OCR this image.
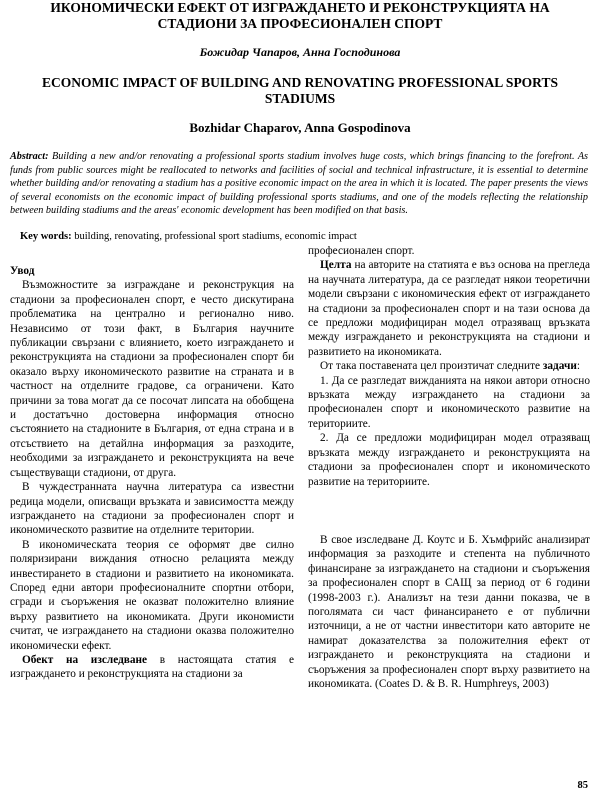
ИКОНОМИЧЕСКИ ЕФЕКТ ОТ ИЗГРАЖДАНЕТО И РЕКОНСТРУКЦИЯТА НА СТАДИОНИ ЗА ПРОФЕСИОНАЛЕН СПОРТ

Божидар Чапаров, Анна Господинова

ECONOMIC IMPACT OF BUILDING AND RENOVATING PROFESSIONAL SPORTS STADIUMS

Bozhidar Chaparov, Anna Gospodinova

Abstract: Building a new and/or renovating a professional sports stadium involves huge costs, which brings financing to the forefront. As funds from public sources might be reallocated to networks and facilities of social and technical infrastructure, it is essential to determine whether building and/or renovating a stadium has a positive economic impact on the area in which it is located. The paper presents the views of several economists on the economic impact of building professional sports stadiums, and one of the models reflecting the relationship between building stadiums and the areas' economic development has been modified on that basis.

Key words: building, renovating, professional sport stadiums, economic impact

Увод

Възможностите за изграждане и реконструкция на стадиони за професионален спорт, е често дискутирана проблематика на централно и регионално ниво. Независимо от този факт, в България научните публикации свързани с влиянието, което изграждането и реконструкцията на стадиони за професионален спорт би оказало върху икономическото развитие на страната и в частност на отделните градове, са ограничени. Като причини за това могат да се посочат липсата на обобщена и достатъчно достоверна информация относно състоянието на стадионите в България, от една страна и в отсъствието на детайлна информация за разходите, необходими за изграждането и реконструкцията на вече съществуващи стадиони, от друга.

В чуждестранната научна литература са известни редица модели, описващи връзката и зависимостта между изграждането на стадиони за професионален спорт и икономическото развитие на отделните територии.

В икономическата теория се оформят две силно поляризирани виждания относно релацията между инвестирането в стадиони и развитието на икономиката. Според едни автори професионалните спортни отбори, сгради и съоръжения не оказват положително влияние върху развитието на икономиката. Други икономисти считат, че изграждането на стадиони оказва положително икономически ефект.

Обект на изследване в настоящата статия е изграждането и реконструкцията на стадиони за

професионален спорт.

Целта на авторите на статията е въз основа на прегледа на научната литература, да се разгледат някои теоретични модели свързани с икономическия ефект от изграждането на стадиони за професионален спорт и на тази основа да се предложи модифициран модел отразяващ връзката между изграждането и реконструкцията на стадиони и развитието на икономиката.

От така поставената цел произтичат следните задачи:

1. Да се разгледат вижданията на някои автори относно връзката между изграждането на стадиони за професионален спорт и икономическото развитие на териториите.

2. Да се предложи модифициран модел отразяващ връзката между изграждането и реконструкцията на стадиони за професионален спорт и икономическото развитие на териториите.

В свое изследване Д. Коутс и Б. Хъмфрийс анализират информация за разходите и степента на публичното финансиране за изграждането на стадиони и съоръжения за професионален спорт в САЩ за период от 6 години (1998-2003 г.). Анализът на тези данни показва, че в поголямата си част финансирането е от публични източници, а не от частни инвеститори като авторите не намират доказателства за положителния ефект от изграждането и реконструкцията на стадиони и съоръжения за професионален спорт върху развитието на икономиката. (Coates D. & B. R. Humphreys, 2003)

85
